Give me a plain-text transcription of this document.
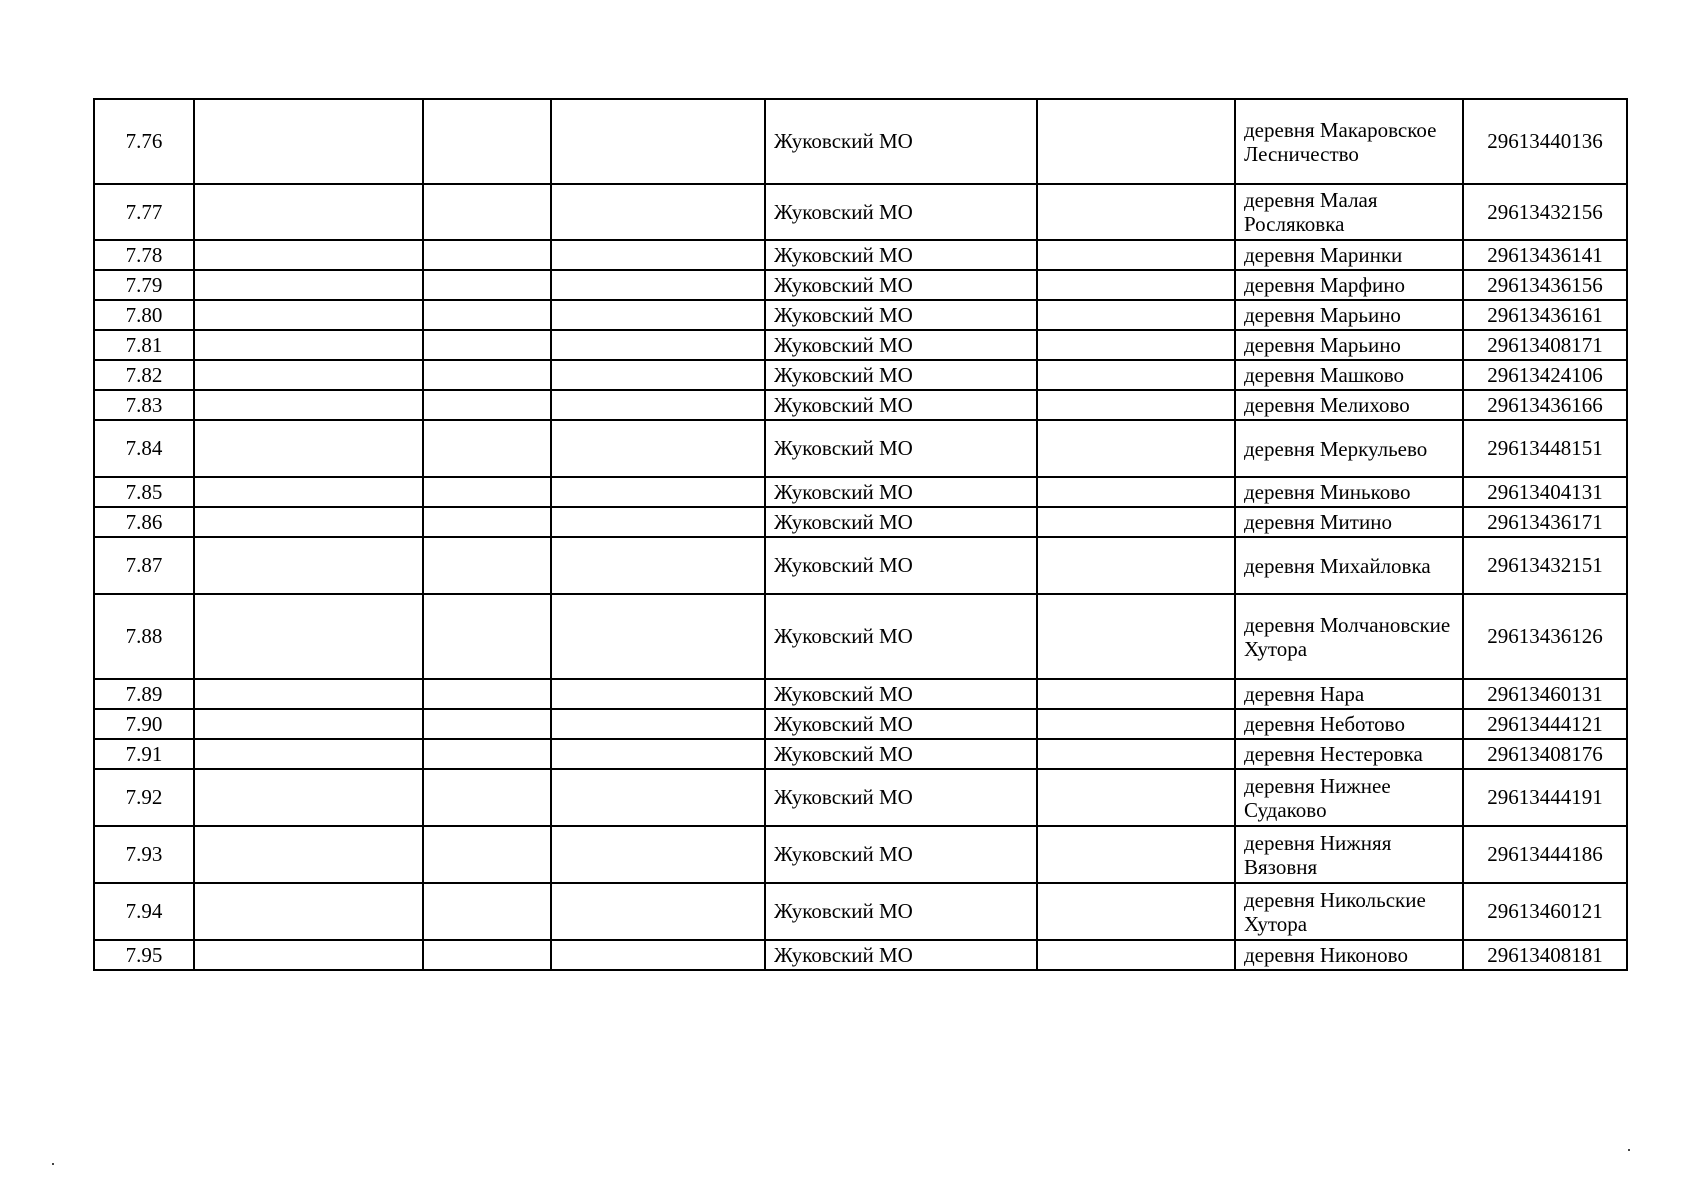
7.76				Жуковский МО		деревня Макаровское Лесничество	29613440136
7.77				Жуковский МО		деревня Малая Росляковка	29613432156
7.78				Жуковский МО		деревня Маринки	29613436141
7.79				Жуковский МО		деревня Марфино	29613436156
7.80				Жуковский МО		деревня Марьино	29613436161
7.81				Жуковский МО		деревня Марьино	29613408171
7.82				Жуковский МО		деревня Машково	29613424106
7.83				Жуковский МО		деревня Мелихово	29613436166
7.84				Жуковский МО		деревня Меркульево	29613448151
7.85				Жуковский МО		деревня Миньково	29613404131
7.86				Жуковский МО		деревня Митино	29613436171
7.87				Жуковский МО		деревня Михайловка	29613432151
7.88				Жуковский МО		деревня Молчановские Хутора	29613436126
7.89				Жуковский МО		деревня Нара	29613460131
7.90				Жуковский МО		деревня Неботово	29613444121
7.91				Жуковский МО		деревня Нестеровка	29613408176
7.92				Жуковский МО		деревня Нижнее Судаково	29613444191
7.93				Жуковский МО		деревня Нижняя Вязовня	29613444186
7.94				Жуковский МО		деревня Никольские Хутора	29613460121
7.95				Жуковский МО		деревня Никоново	29613408181
